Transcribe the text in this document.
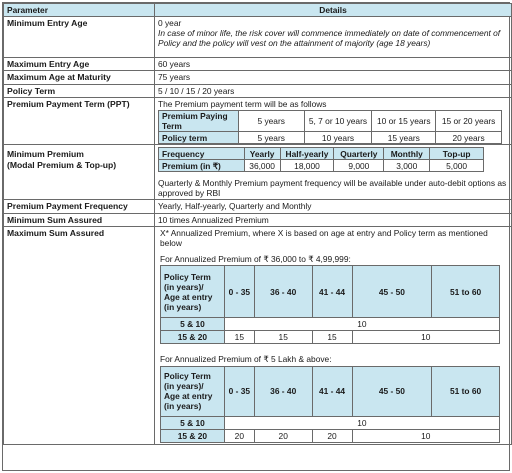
Parameter	Details
Minimum Entry Age	0 year
In case of minor life, the risk cover will commence immediately on date of commencement of Policy and the policy will vest on the attainment of majority (age 18 years)

Maximum Entry Age	60 years
Maximum Age at Maturity	75 years
Policy Term	5 / 10 / 15 / 20 years
Premium Payment Term (PPT)	The Premium payment term will be as follows
Premium Paying Term	5 years	5, 7 or 10 years	10 or 15 years	15 or 20 years
Policy term	5 years	10 years	15 years	20 years

Minimum Premium
(Modal Premium & Top-up)

Frequency	Yearly	Half-yearly	Quarterly	Monthly	Top-up
Premium (in ₹)	36,000	18,000	9,000	3,000	5,000
Quarterly & Monthly Premium payment frequency will be available under auto-debit options as approved by RBI

Premium Payment Frequency	Yearly, Half-yearly, Quarterly and Monthly
Minimum Sum Assured	10 times Annualized Premium
Maximum Sum Assured	X* Annualized Premium, where X is based on age at entry and Policy term as mentioned below
For Annualized Premium of ₹ 36,000 to ₹ 4,99,999:
Policy Term (in years)/ Age at entry (in years)	0 - 35	36 - 40	41 - 44	45 - 50	51 to 60
5 & 10	10
15 & 20	15	15	15	10
For Annualized Premium of ₹ 5 Lakh & above:
Policy Term (in years)/ Age at entry (in years)	0 - 35	36 - 40	41 - 44	45 - 50	51 to 60
5 & 10	10
15 & 20	20	20	20	10
